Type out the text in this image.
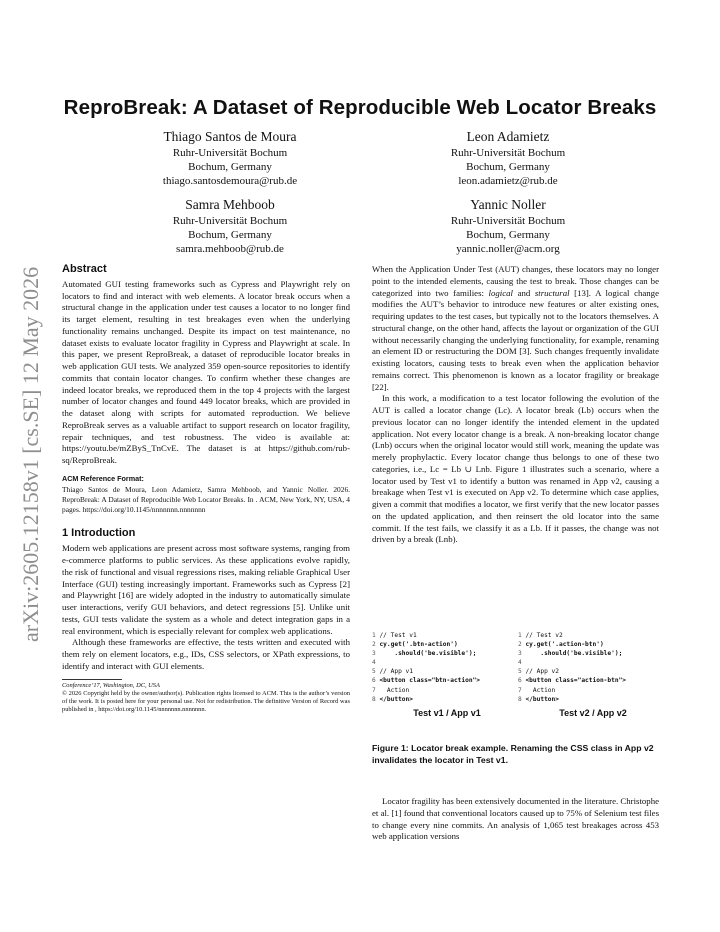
arXiv:2605.12158v1 [cs.SE] 12 May 2026
ReproBreak: A Dataset of Reproducible Web Locator Breaks
Thiago Santos de Moura
Ruhr-Universität Bochum
Bochum, Germany
thiago.santosdemoura@rub.de
Leon Adamietz
Ruhr-Universität Bochum
Bochum, Germany
leon.adamietz@rub.de
Samra Mehboob
Ruhr-Universität Bochum
Bochum, Germany
samra.mehboob@rub.de
Yannic Noller
Ruhr-Universität Bochum
Bochum, Germany
yannic.noller@acm.org
Abstract

Automated GUI testing frameworks such as Cypress and Playwright rely on locators to find and interact with web elements. A locator break occurs when a structural change in the application under test causes a locator to no longer find its target element, resulting in test breakages even when the underlying functionality remains unchanged. Despite its impact on test maintenance, no dataset exists to evaluate locator fragility in Cypress and Playwright at scale. In this paper, we present ReproBreak, a dataset of reproducible locator breaks in web application GUI tests. We analyzed 359 open-source repositories to identify commits that contain locator changes. To confirm whether these changes are indeed locator breaks, we reproduced them in the top 4 projects with the largest number of locator changes and found 449 locator breaks, which are provided in the dataset along with scripts for automated reproduction. We believe ReproBreak serves as a valuable artifact to support research on locator fragility, repair techniques, and test robustness. The video is available at: https://youtu.be/mZByS_TnCvE. The dataset is at https://github.com/rub-sq/ReproBreak.

ACM Reference Format:

Thiago Santos de Moura, Leon Adamietz, Samra Mehboob, and Yannic Noller. 2026. ReproBreak: A Dataset of Reproducible Web Locator Breaks. In . ACM, New York, NY, USA, 4 pages. https://doi.org/10.1145/nnnnnnn.nnnnnnn

1 Introduction

Modern web applications are present across most software systems, ranging from e-commerce platforms to public services. As these applications evolve rapidly, the risk of functional and visual regressions rises, making reliable Graphical User Interface (GUI) testing increasingly important. Frameworks such as Cypress [2] and Playwright [16] are widely adopted in the industry to automatically simulate user interactions, verify GUI behaviors, and detect regressions [5]. Unlike unit tests, GUI tests validate the system as a whole and detect integration gaps in a real environment, which is especially relevant for complex web applications.

Although these frameworks are effective, the tests written and executed with them rely on element locators, e.g., IDs, CSS selectors, or XPath expressions, to identify and interact with GUI elements.

Conference’17, Washington, DC, USA
© 2026 Copyright held by the owner/author(s). Publication rights licensed to ACM. This is the author’s version of the work. It is posted here for your personal use. Not for redistribution. The definitive Version of Record was published in , https://doi.org/10.1145/nnnnnnn.nnnnnnn.

When the Application Under Test (AUT) changes, these locators may no longer point to the intended elements, causing the test to break. Those changes can be categorized into two families: logical and structural [13]. A logical change modifies the AUT’s behavior to introduce new features or alter existing ones, requiring updates to the test cases, but typically not to the locators themselves. A structural change, on the other hand, affects the layout or organization of the GUI without necessarily changing the underlying functionality, for example, renaming an element ID or restructuring the DOM [3]. Such changes frequently invalidate existing locators, causing tests to break even when the application behavior remains correct. This phenomenon is known as a locator fragility or breakage [22].

In this work, a modification to a test locator following the evolution of the AUT is called a locator change (Lc). A locator break (Lb) occurs when the previous locator can no longer identify the intended element in the updated application. Not every locator change is a break. A non-breaking locator change (Lnb) occurs when the original locator would still work, meaning the update was merely prophylactic. Every locator change thus belongs to one of these two categories, i.e., Lc = Lb ∪ Lnb. Figure 1 illustrates such a scenario, where a locator used by Test v1 to identify a button was renamed in App v2, causing a breakage when Test v1 is executed on App v2. To determine which case applies, given a commit that modifies a locator, we first verify that the new locator passes on the updated application, and then reinsert the old locator into the same commit. If the test fails, we classify it as a Lb. If it passes, the change was not driven by a break (Lnb).

1 // Test v1
2 cy.get('.btn-action')
3     .should('be.visible');
4
5 // App v1
6 <button class="btn-action">
7   Action
8 </button>
1 // Test v2
2 cy.get('.action-btn')
3     .should('be.visible');
4
5 // App v2
6 <button class="action-btn">
7   Action
8 </button>
Test v1 / App v1	Test v2 / App v2
Figure 1: Locator break example. Renaming the CSS class in App v2 invalidates the locator in Test v1.

Locator fragility has been extensively documented in the literature. Christophe et al. [1] found that conventional locators caused up to 75% of Selenium test files to change every nine commits. An analysis of 1,065 test breakages across 453 web application versions
